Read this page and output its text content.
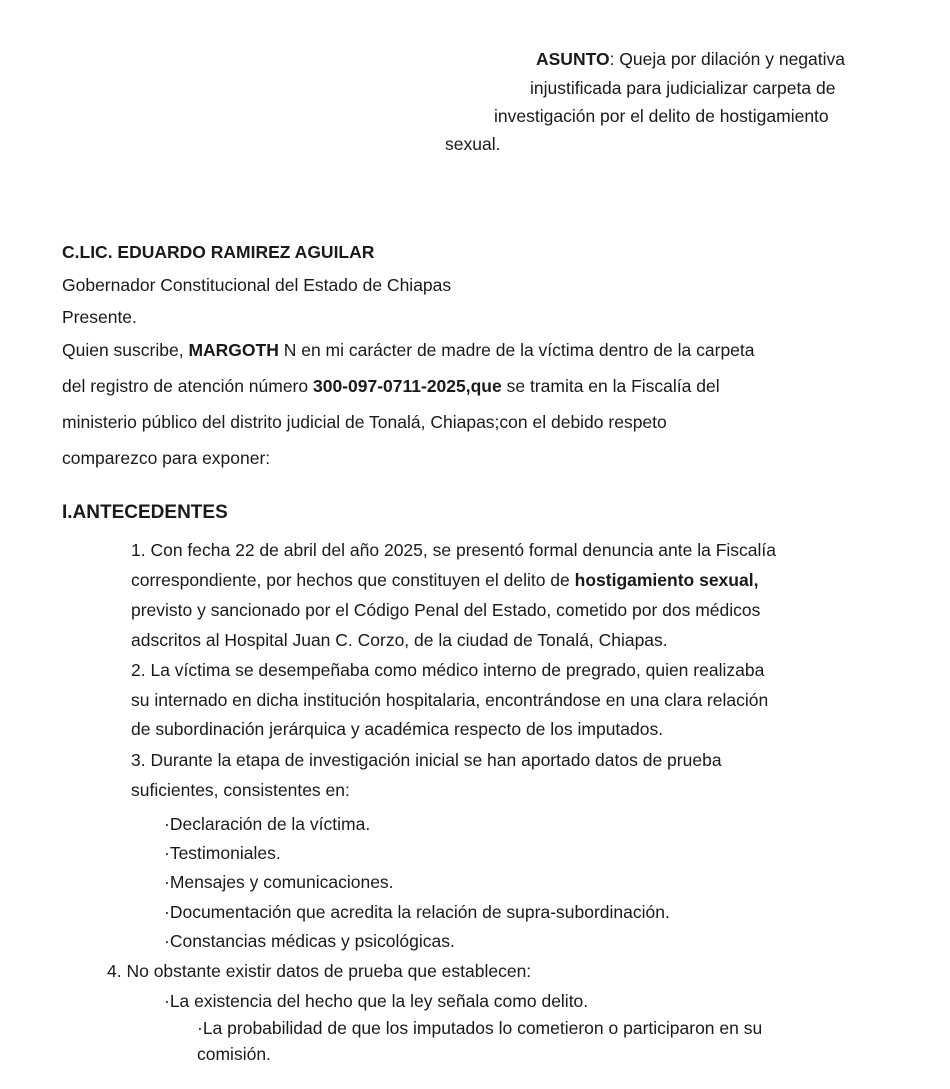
ASUNTO: Queja por dilación y negativa
injustificada para judicializar carpeta de
investigación por el delito de hostigamiento
sexual.
C.LIC. EDUARDO RAMIREZ AGUILAR
Gobernador Constitucional del Estado de Chiapas
Presente.
Quien suscribe, MARGOTH N en mi carácter de madre de la víctima dentro de la carpeta
del registro de atención número 300-097-0711-2025,que se tramita en la Fiscalía del
ministerio público del distrito judicial de Tonalá, Chiapas;con el debido respeto
comparezco para exponer:
I.ANTECEDENTES
1. Con fecha 22 de abril del año 2025, se presentó formal denuncia ante la Fiscalía
correspondiente, por hechos que constituyen el delito de hostigamiento sexual,
previsto y sancionado por el Código Penal del Estado, cometido por dos médicos
adscritos al Hospital Juan C. Corzo, de la ciudad de Tonalá, Chiapas.
2. La víctima se desempeñaba como médico interno de pregrado, quien realizaba
su internado en dicha institución hospitalaria, encontrándose en una clara relación
de subordinación jerárquica y académica respecto de los imputados.
3. Durante la etapa de investigación inicial se han aportado datos de prueba
suficientes, consistentes en:
·Declaración de la víctima.
·Testimoniales.
·Mensajes y comunicaciones.
·Documentación que acredita la relación de supra-subordinación.
·Constancias médicas y psicológicas.
4. No obstante existir datos de prueba que establecen:
·La existencia del hecho que la ley señala como delito.
·La probabilidad de que los imputados lo cometieron o participaron en su
comisión.
